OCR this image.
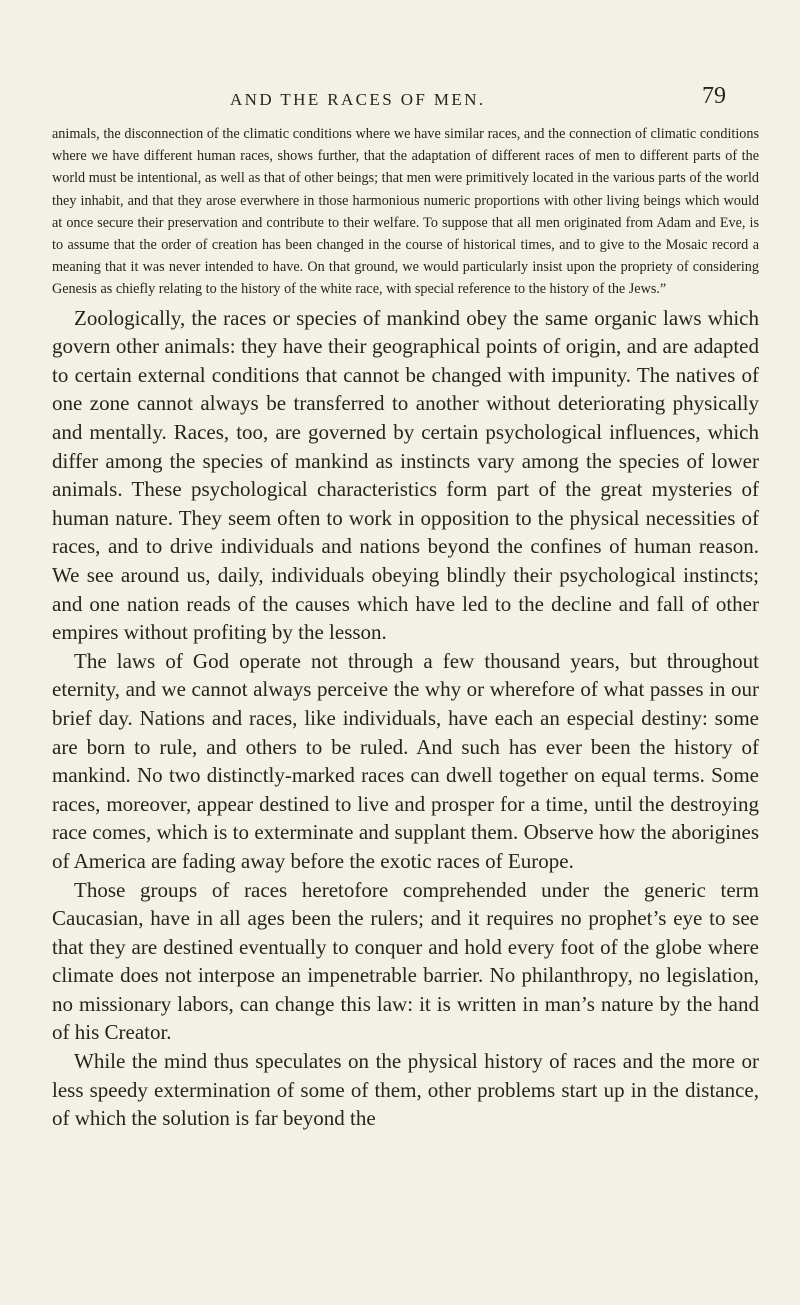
AND THE RACES OF MEN.	79

animals, the disconnection of the climatic conditions where we have similar races, and the connection of climatic conditions where we have different human races, shows further, that the adaptation of different races of men to different parts of the world must be intentional, as well as that of other beings; that men were primitively located in the various parts of the world they inhabit, and that they arose everwhere in those harmonious numeric proportions with other living beings which would at once secure their preservation and contribute to their welfare. To suppose that all men originated from Adam and Eve, is to assume that the order of creation has been changed in the course of historical times, and to give to the Mosaic record a meaning that it was never intended to have. On that ground, we would particularly insist upon the propriety of considering Genesis as chiefly relating to the history of the white race, with special reference to the history of the Jews.”

Zoologically, the races or species of mankind obey the same organic laws which govern other animals: they have their geographical points of origin, and are adapted to certain external conditions that cannot be changed with impunity. The natives of one zone cannot always be transferred to another without deteriorating physically and mentally. Races, too, are governed by certain psychological influences, which differ among the species of mankind as instincts vary among the species of lower animals. These psychological characteristics form part of the great mysteries of human nature. They seem often to work in opposition to the physical necessities of races, and to drive individuals and nations beyond the confines of human reason. We see around us, daily, individuals obeying blindly their psychological instincts; and one nation reads of the causes which have led to the decline and fall of other empires without profiting by the lesson.

The laws of God operate not through a few thousand years, but throughout eternity, and we cannot always perceive the why or wherefore of what passes in our brief day. Nations and races, like individuals, have each an especial destiny: some are born to rule, and others to be ruled. And such has ever been the history of mankind. No two distinctly-marked races can dwell together on equal terms. Some races, moreover, appear destined to live and prosper for a time, until the destroying race comes, which is to exterminate and supplant them. Observe how the aborigines of America are fading away before the exotic races of Europe.

Those groups of races heretofore comprehended under the generic term Caucasian, have in all ages been the rulers; and it requires no prophet’s eye to see that they are destined eventually to conquer and hold every foot of the globe where climate does not interpose an impenetrable barrier. No philanthropy, no legislation, no missionary labors, can change this law: it is written in man’s nature by the hand of his Creator.

While the mind thus speculates on the physical history of races and the more or less speedy extermination of some of them, other problems start up in the distance, of which the solution is far beyond the
